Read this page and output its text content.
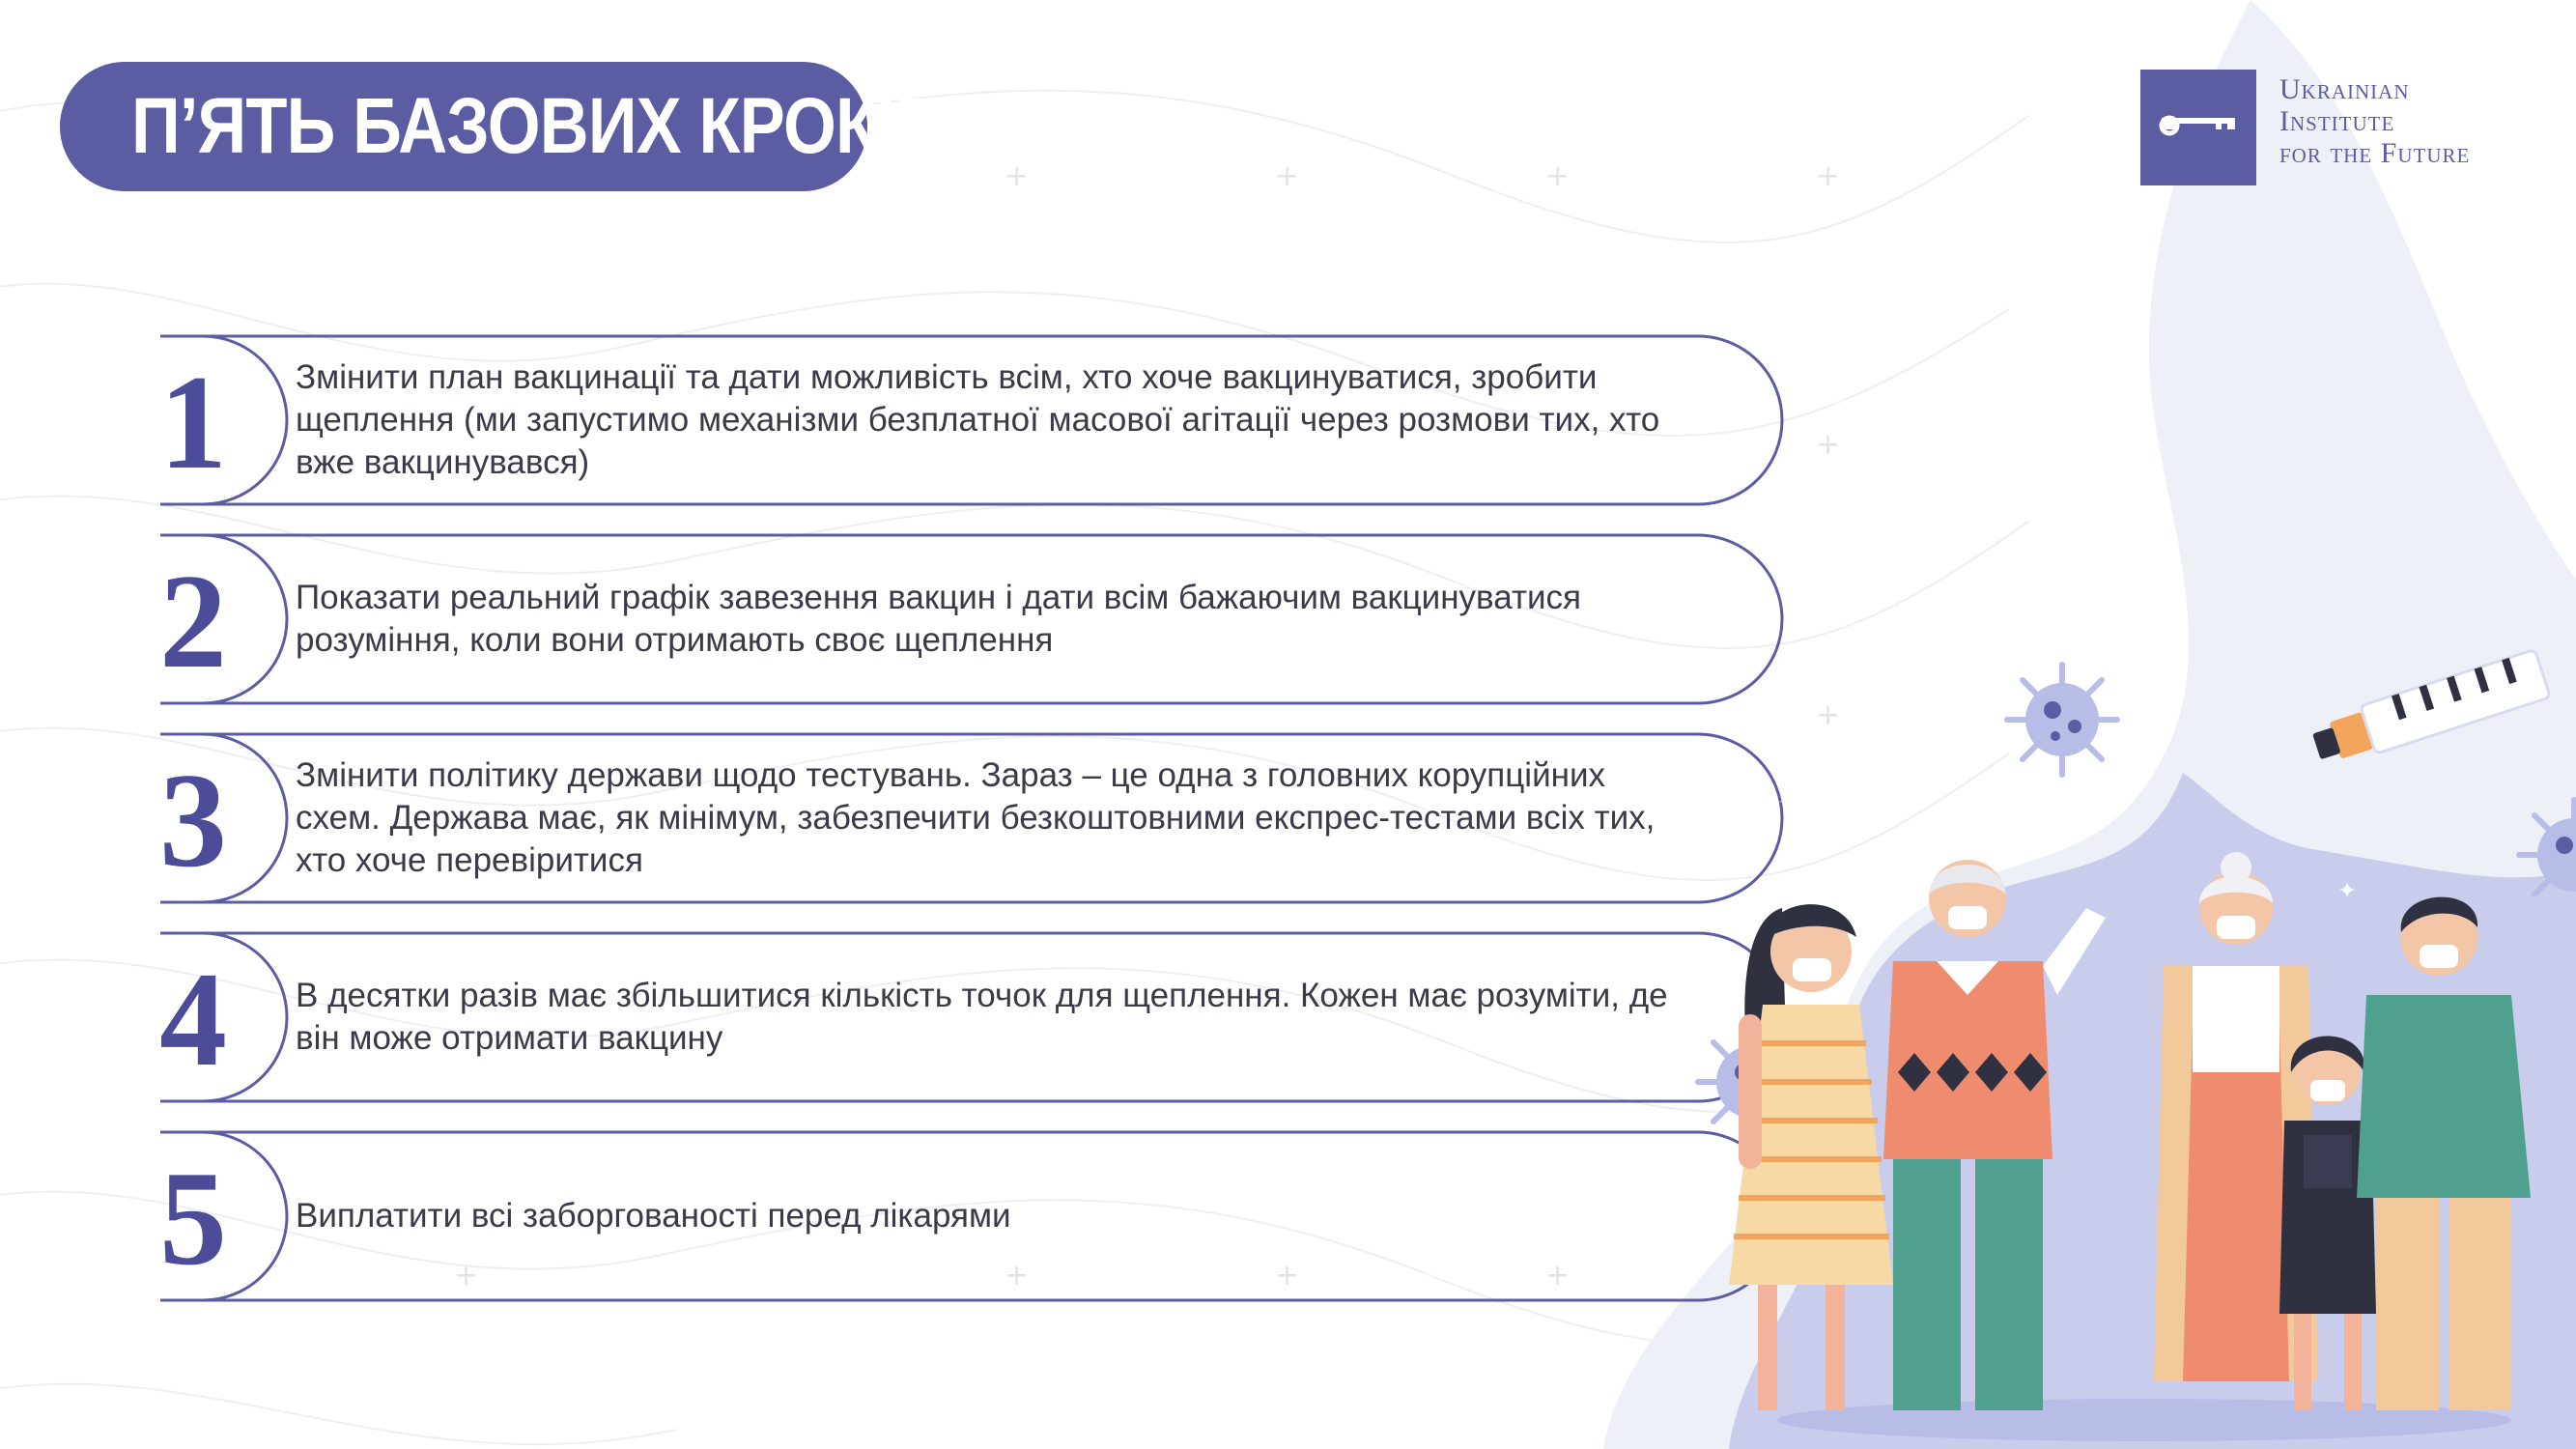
+	+	+	+
+
+
+	+	+	+
П’ЯТЬ БАЗОВИХ КРОКІВ	Ukrainian
Institute
for the Future
1	Змінити план вакцинації та дати можливість всім, хто хоче вакцинуватися, зробити щеплення (ми запустимо механізми безплатної масової агітації через розмови тих, хто вже вакцинувався)
2	Показати реальний графік завезення вакцин і дати всім бажаючим вакцинуватися розуміння, коли вони отримають своє щеплення
3	Змінити політику держави щодо тестувань. Зараз – це одна з головних корупційних схем. Держава має, як мінімум, забезпечити безкоштовними експрес-тестами всіх тих, хто хоче перевіритися
4	В десятки разів має збільшитися кількість точок для щеплення. Кожен має розуміти, де він може отримати вакцину
5	Виплатити всі заборгованості перед лікарями
✦
✦	✦
✦
